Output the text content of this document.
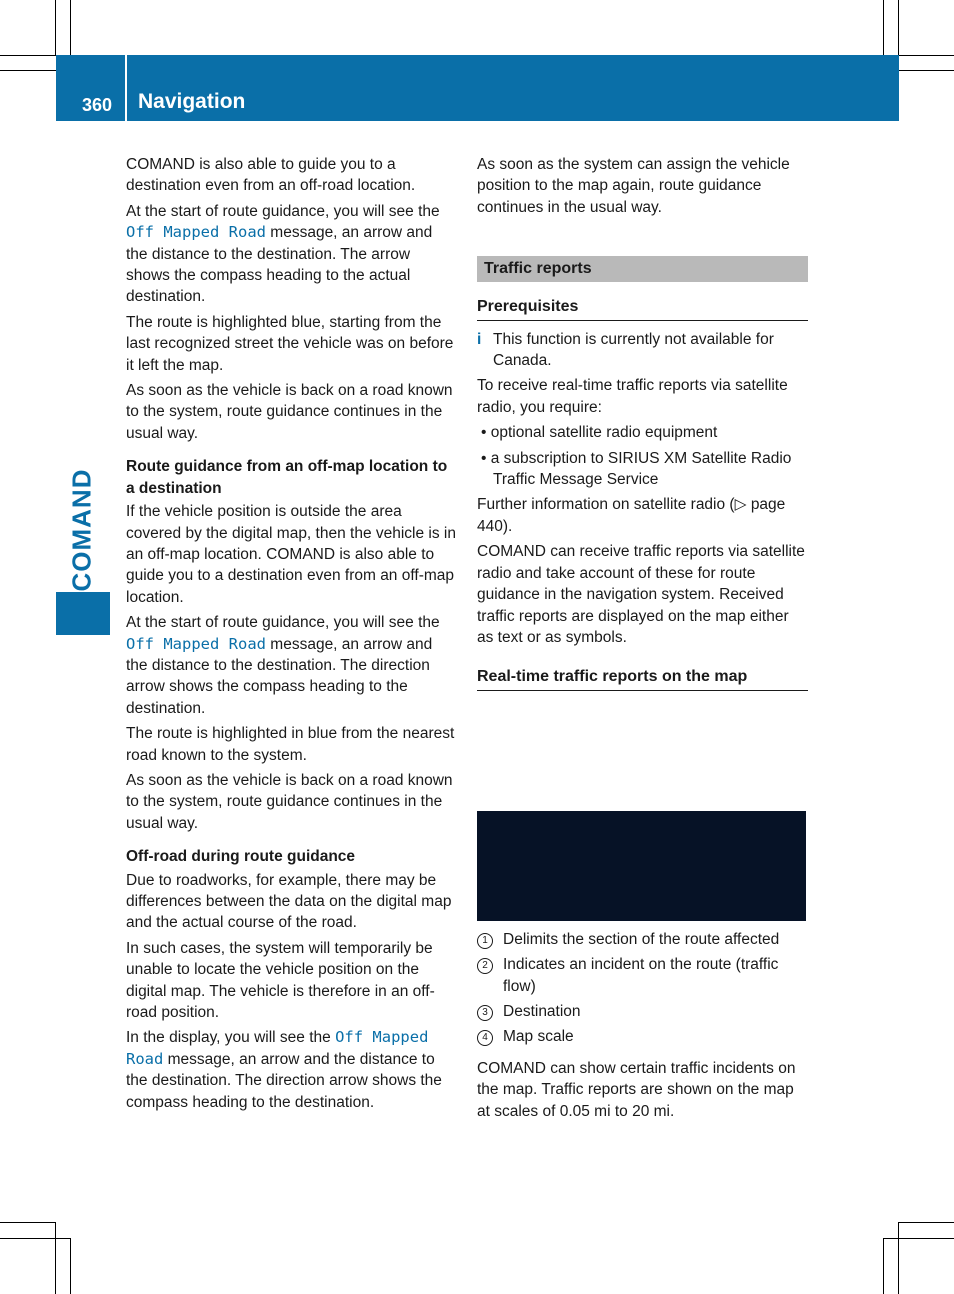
360 Navigation
COMAND

COMAND is also able to guide you to a destination even from an off-road location.

At the start of route guidance, you will see the Off Mapped Road message, an arrow and the distance to the destination. The arrow shows the compass heading to the actual destination.

The route is highlighted blue, starting from the last recognized street the vehicle was on before it left the map.

As soon as the vehicle is back on a road known to the system, route guidance continues in the usual way.

Route guidance from an off-map location to a destination

If the vehicle position is outside the area covered by the digital map, then the vehicle is in an off-map location. COMAND is also able to guide you to a destination even from an off-map location.

At the start of route guidance, you will see the Off Mapped Road message, an arrow and the distance to the destination. The direction arrow shows the compass heading to the destination.

The route is highlighted in blue from the nearest road known to the system.

As soon as the vehicle is back on a road known to the system, route guidance continues in the usual way.

Off-road during route guidance

Due to roadworks, for example, there may be differences between the data on the digital map and the actual course of the road.

In such cases, the system will temporarily be unable to locate the vehicle position on the digital map. The vehicle is therefore in an off-road position.

In the display, you will see the Off Mapped Road message, an arrow and the distance to the destination. The direction arrow shows the compass heading to the destination.

As soon as the system can assign the vehicle position to the map again, route guidance continues in the usual way.

Traffic reports
Prerequisites

i This function is currently not available for Canada.

To receive real-time traffic reports via satellite radio, you require:

• optional satellite radio equipment
• a subscription to SIRIUS XM Satellite Radio Traffic Message Service

Further information on satellite radio (▷ page 440).

COMAND can receive traffic reports via satellite radio and take account of these for route guidance in the navigation system. Received traffic reports are displayed on the map either as text or as symbols.

Real-time traffic reports on the map
1 Delimits the section of the route affected
2 Indicates an incident on the route (traffic flow)
3 Destination
4 Map scale

COMAND can show certain traffic incidents on the map. Traffic reports are shown on the map at scales of 0.05 mi to 20 mi.
